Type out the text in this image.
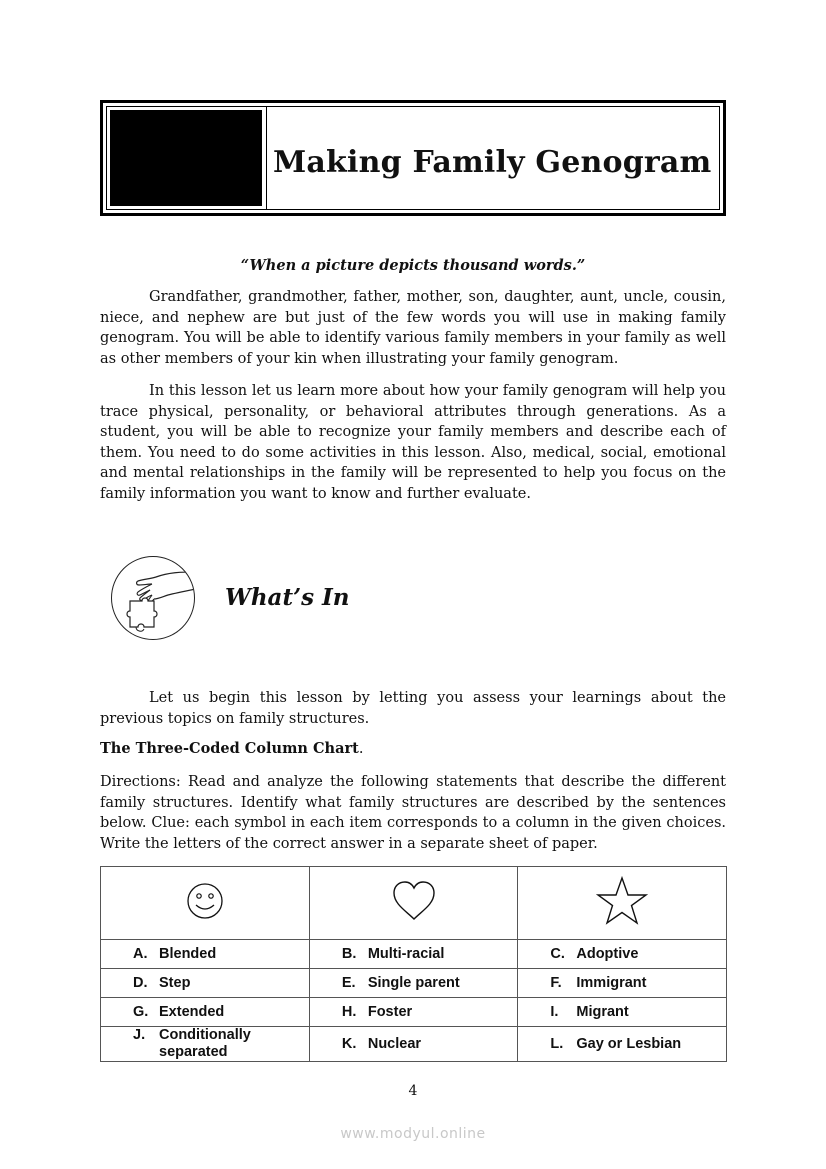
Making Family Genogram
“When a picture depicts thousand words.”

Grandfather, grandmother, father, mother, son, daughter, aunt, uncle, cousin, niece, and nephew are but just of the few words you will use in making family genogram. You will be able to identify various family members in your family as well as other members of your kin when illustrating your family genogram.

In this lesson let us learn more about how your family genogram will help you trace physical, personality, or behavioral attributes through generations. As a student, you will be able to recognize your family members and describe each of them. You need to do some activities in this lesson. Also, medical, social, emotional and mental relationships in the family will be represented to help you focus on the family information you want to know and further evaluate.

What’s In

Let us begin this lesson by letting you assess your learnings about the previous topics on family structures.

The Three-Coded Column Chart.

Directions: Read and analyze the following statements that describe the different family structures. Identify what family structures are described by the sentences below. Clue: each symbol in each item corresponds to a column in the given choices. Write the letters of the correct answer in a separate sheet of paper.

A. Blended	B. Multi-racial	C. Adoptive

D. Step	E. Single parent	F. Immigrant

G. Extended	H. Foster	I. Migrant

J. Conditionally separated	K. Nuclear	L. Gay or Lesbian
4
www.modyul.online
